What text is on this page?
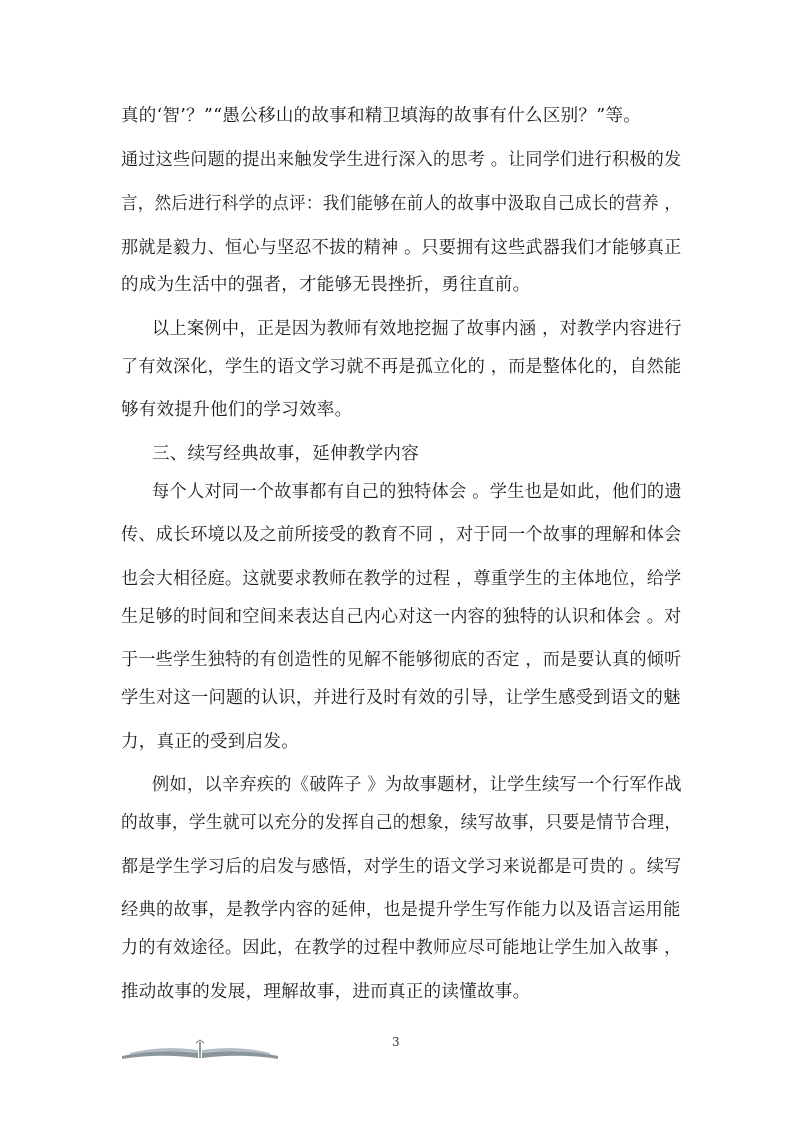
真的‘智’？”“愚公移山的故事和精卫填海的故事有什么区别？”等。
通过这些问题的提出来触发学生进行深入的思考 。让同学们进行积极的发
言，然后进行科学的点评：我们能够在前人的故事中汲取自己成长的营养 ，
那就是毅力、恒心与坚忍不拔的精神 。只要拥有这些武器我们才能够真正
的成为生活中的强者，才能够无畏挫折，勇往直前。
以上案例中，正是因为教师有效地挖掘了故事内涵 ，对教学内容进行
了有效深化，学生的语文学习就不再是孤立化的 ，而是整体化的，自然能
够有效提升他们的学习效率。
三、续写经典故事，延伸教学内容
每个人对同一个故事都有自己的独特体会 。学生也是如此，他们的遗
传、成长环境以及之前所接受的教育不同 ，对于同一个故事的理解和体会
也会大相径庭。这就要求教师在教学的过程 ，尊重学生的主体地位，给学
生足够的时间和空间来表达自己内心对这一内容的独特的认识和体会 。对
于一些学生独特的有创造性的见解不能够彻底的否定 ，而是要认真的倾听
学生对这一问题的认识，并进行及时有效的引导，让学生感受到语文的魅
力，真正的受到启发。
例如，以辛弃疾的《破阵子 》为故事题材，让学生续写一个行军作战
的故事，学生就可以充分的发挥自己的想象，续写故事，只要是情节合理，
都是学生学习后的启发与感悟，对学生的语文学习来说都是可贵的 。续写
经典的故事，是教学内容的延伸，也是提升学生写作能力以及语言运用能
力的有效途径。因此，在教学的过程中教师应尽可能地让学生加入故事 ，
推动故事的发展，理解故事，进而真正的读懂故事。
3
